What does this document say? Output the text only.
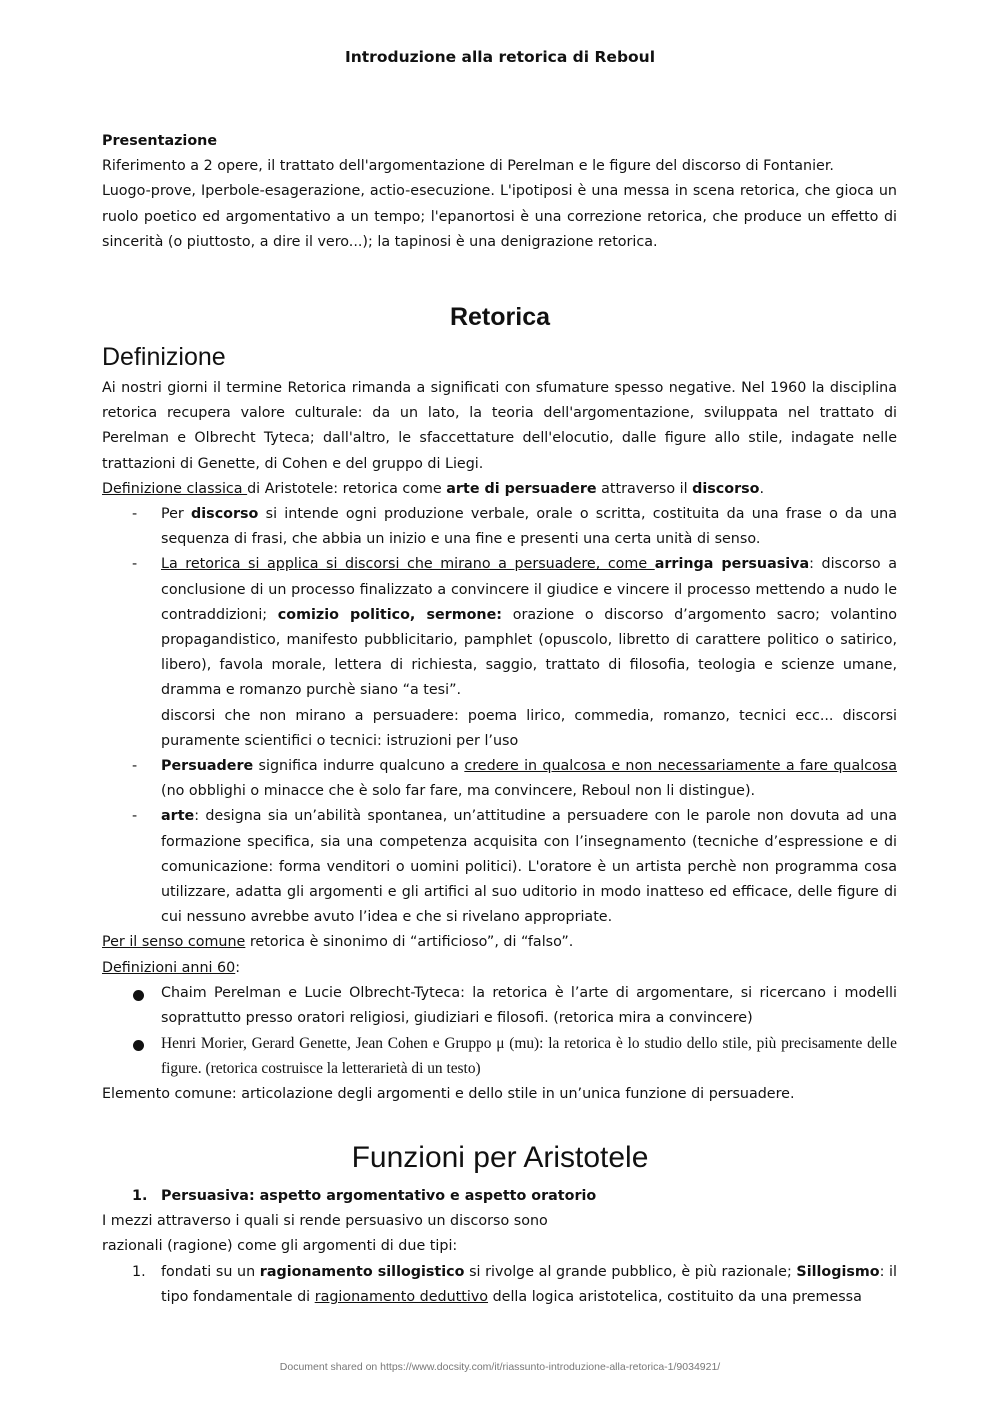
Introduzione alla retorica di Reboul

Presentazione

Riferimento a 2 opere, il trattato dell'argomentazione di Perelman e le figure del discorso di Fontanier.

Luogo-prove, Iperbole-esagerazione, actio-esecuzione. L'ipotiposi è una messa in scena retorica, che gioca un ruolo poetico ed argomentativo a un tempo; l'epanortosi è una correzione retorica, che produce un effetto di sincerità (o piuttosto, a dire il vero...); la tapinosi è una denigrazione retorica.

Retorica
Definizione

Ai nostri giorni il termine Retorica rimanda a significati con sfumature spesso negative. Nel 1960 la disciplina retorica recupera valore culturale: da un lato, la teoria dell'argomentazione, sviluppata nel trattato di Perelman e Olbrecht Tyteca; dall'altro, le sfaccettature dell'elocutio, dalle figure allo stile, indagate nelle trattazioni di Genette, di Cohen e del gruppo di Liegi.

Definizione classica di Aristotele: retorica come arte di persuadere attraverso il discorso.

- Per discorso si intende ogni produzione verbale, orale o scritta, costituita da una frase o da una sequenza di frasi, che abbia un inizio e una fine e presenti una certa unità di senso.
- La retorica si applica si discorsi che mirano a persuadere, come arringa persuasiva: discorso a conclusione di un processo finalizzato a convincere il giudice e vincere il processo mettendo a nudo le contraddizioni; comizio politico, sermone: orazione o discorso d’argomento sacro; volantino propagandistico, manifesto pubblicitario, pamphlet (opuscolo, libretto di carattere politico o satirico, libero), favola morale, lettera di richiesta, saggio, trattato di filosofia, teologia e scienze umane, dramma e romanzo purchè siano “a tesi”.

discorsi che non mirano a persuadere: poema lirico, commedia, romanzo, tecnici ecc... discorsi puramente scientifici o tecnici: istruzioni per l’uso

- Persuadere significa indurre qualcuno a credere in qualcosa e non necessariamente a fare qualcosa (no obblighi o minacce che è solo far fare, ma convincere, Reboul non li distingue).
- arte: designa sia un’abilità spontanea, un’attitudine a persuadere con le parole non dovuta ad una formazione specifica, sia una competenza acquisita con l’insegnamento (tecniche d’espressione e di comunicazione: forma venditori o uomini politici). L'oratore è un artista perchè non programma cosa utilizzare, adatta gli argomenti e gli artifici al suo uditorio in modo inatteso ed efficace, delle figure di cui nessuno avrebbe avuto l’idea e che si rivelano appropriate.

Per il senso comune retorica è sinonimo di “artificioso”, di “falso”.

Definizioni anni 60:

Chaim Perelman e Lucie Olbrecht-Tyteca: la retorica è l’arte di argomentare, si ricercano i modelli soprattutto presso oratori religiosi, giudiziari e filosofi. (retorica mira a convincere)
Henri Morier, Gerard Genette, Jean Cohen e Gruppo μ (mu): la retorica è lo studio dello stile, più precisamente delle figure. (retorica costruisce la letterarietà di un testo)

Elemento comune: articolazione degli argomenti e dello stile in un’unica funzione di persuadere.

Funzioni per Aristotele
1. Persuasiva: aspetto argomentativo e aspetto oratorio

I mezzi attraverso i quali si rende persuasivo un discorso sono

razionali (ragione) come gli argomenti di due tipi:

1. fondati su un ragionamento sillogistico si rivolge al grande pubblico, è più razionale; Sillogismo: il tipo fondamentale di ragionamento deduttivo della logica aristotelica, costituito da una premessa
Document shared on https://www.docsity.com/it/riassunto-introduzione-alla-retorica-1/9034921/
